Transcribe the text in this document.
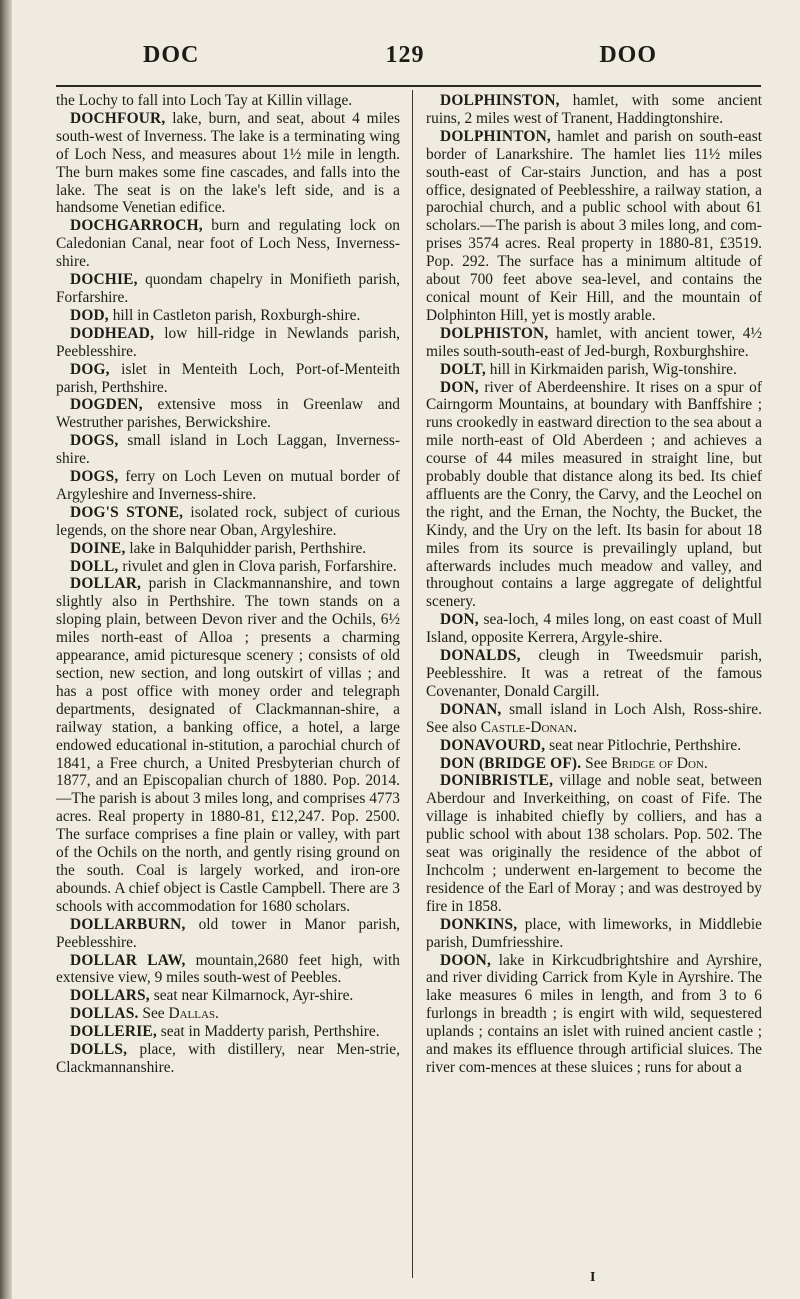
DOC	129	DOO

the Lochy to fall into Loch Tay at Killin village.

DOCHFOUR, lake, burn, and seat, about 4 miles south-west of Inverness. The lake is a terminating wing of Loch Ness, and measures about 1½ mile in length. The burn makes some fine cascades, and falls into the lake. The seat is on the lake's left side, and is a handsome Venetian edifice.

DOCHGARROCH, burn and regulating lock on Caledonian Canal, near foot of Loch Ness, Inverness-shire.

DOCHIE, quondam chapelry in Monifieth parish, Forfarshire.

DOD, hill in Castleton parish, Roxburgh-shire.

DODHEAD, low hill-ridge in Newlands parish, Peeblesshire.

DOG, islet in Menteith Loch, Port-of-Menteith parish, Perthshire.

DOGDEN, extensive moss in Greenlaw and Westruther parishes, Berwickshire.

DOGS, small island in Loch Laggan, Inverness-shire.

DOGS, ferry on Loch Leven on mutual border of Argyleshire and Inverness-shire.

DOG'S STONE, isolated rock, subject of curious legends, on the shore near Oban, Argyleshire.

DOINE, lake in Balquhidder parish, Perthshire.

DOLL, rivulet and glen in Clova parish, Forfarshire.

DOLLAR, parish in Clackmannanshire, and town slightly also in Perthshire. The town stands on a sloping plain, between Devon river and the Ochils, 6½ miles north-east of Alloa ; presents a charming appearance, amid picturesque scenery ; consists of old section, new section, and long outskirt of villas ; and has a post office with money order and telegraph departments, designated of Clackmannan-shire, a railway station, a banking office, a hotel, a large endowed educational in-stitution, a parochial church of 1841, a Free church, a United Presbyterian church of 1877, and an Episcopalian church of 1880. Pop. 2014.—The parish is about 3 miles long, and comprises 4773 acres. Real property in 1880-81, £12,247. Pop. 2500. The surface comprises a fine plain or valley, with part of the Ochils on the north, and gently rising ground on the south. Coal is largely worked, and iron-ore abounds. A chief object is Castle Campbell. There are 3 schools with accommodation for 1680 scholars.

DOLLARBURN, old tower in Manor parish, Peeblesshire.

DOLLAR LAW, mountain,2680 feet high, with extensive view, 9 miles south-west of Peebles.

DOLLARS, seat near Kilmarnock, Ayr-shire.

DOLLAS. See Dallas.

DOLLERIE, seat in Madderty parish, Perthshire.

DOLLS, place, with distillery, near Men-strie, Clackmannanshire.

DOLPHINSTON, hamlet, with some ancient ruins, 2 miles west of Tranent, Haddingtonshire.

DOLPHINTON, hamlet and parish on south-east border of Lanarkshire. The hamlet lies 11½ miles south-east of Car-stairs Junction, and has a post office, designated of Peeblesshire, a railway station, a parochial church, and a public school with about 61 scholars.—The parish is about 3 miles long, and com-prises 3574 acres. Real property in 1880-81, £3519. Pop. 292. The surface has a minimum altitude of about 700 feet above sea-level, and contains the conical mount of Keir Hill, and the mountain of Dolphinton Hill, yet is mostly arable.

DOLPHISTON, hamlet, with ancient tower, 4½ miles south-south-east of Jed-burgh, Roxburghshire.

DOLT, hill in Kirkmaiden parish, Wig-tonshire.

DON, river of Aberdeenshire. It rises on a spur of Cairngorm Mountains, at boundary with Banffshire ; runs crookedly in eastward direction to the sea about a mile north-east of Old Aberdeen ; and achieves a course of 44 miles measured in straight line, but probably double that distance along its bed. Its chief affluents are the Conry, the Carvy, and the Leochel on the right, and the Ernan, the Nochty, the Bucket, the Kindy, and the Ury on the left. Its basin for about 18 miles from its source is prevailingly upland, but afterwards includes much meadow and valley, and throughout contains a large aggregate of delightful scenery.

DON, sea-loch, 4 miles long, on east coast of Mull Island, opposite Kerrera, Argyle-shire.

DONALDS, cleugh in Tweedsmuir parish, Peeblesshire. It was a retreat of the famous Covenanter, Donald Cargill.

DONAN, small island in Loch Alsh, Ross-shire. See also Castle-Donan.

DONAVOURD, seat near Pitlochrie, Perthshire.

DON (BRIDGE OF). See Bridge of Don.

DONIBRISTLE, village and noble seat, between Aberdour and Inverkeithing, on coast of Fife. The village is inhabited chiefly by colliers, and has a public school with about 138 scholars. Pop. 502. The seat was originally the residence of the abbot of Inchcolm ; underwent en-largement to become the residence of the Earl of Moray ; and was destroyed by fire in 1858.

DONKINS, place, with limeworks, in Middlebie parish, Dumfriesshire.

DOON, lake in Kirkcudbrightshire and Ayrshire, and river dividing Carrick from Kyle in Ayrshire. The lake measures 6 miles in length, and from 3 to 6 furlongs in breadth ; is engirt with wild, sequestered uplands ; contains an islet with ruined ancient castle ; and makes its effluence through artificial sluices. The river com-mences at these sluices ; runs for about a

I
